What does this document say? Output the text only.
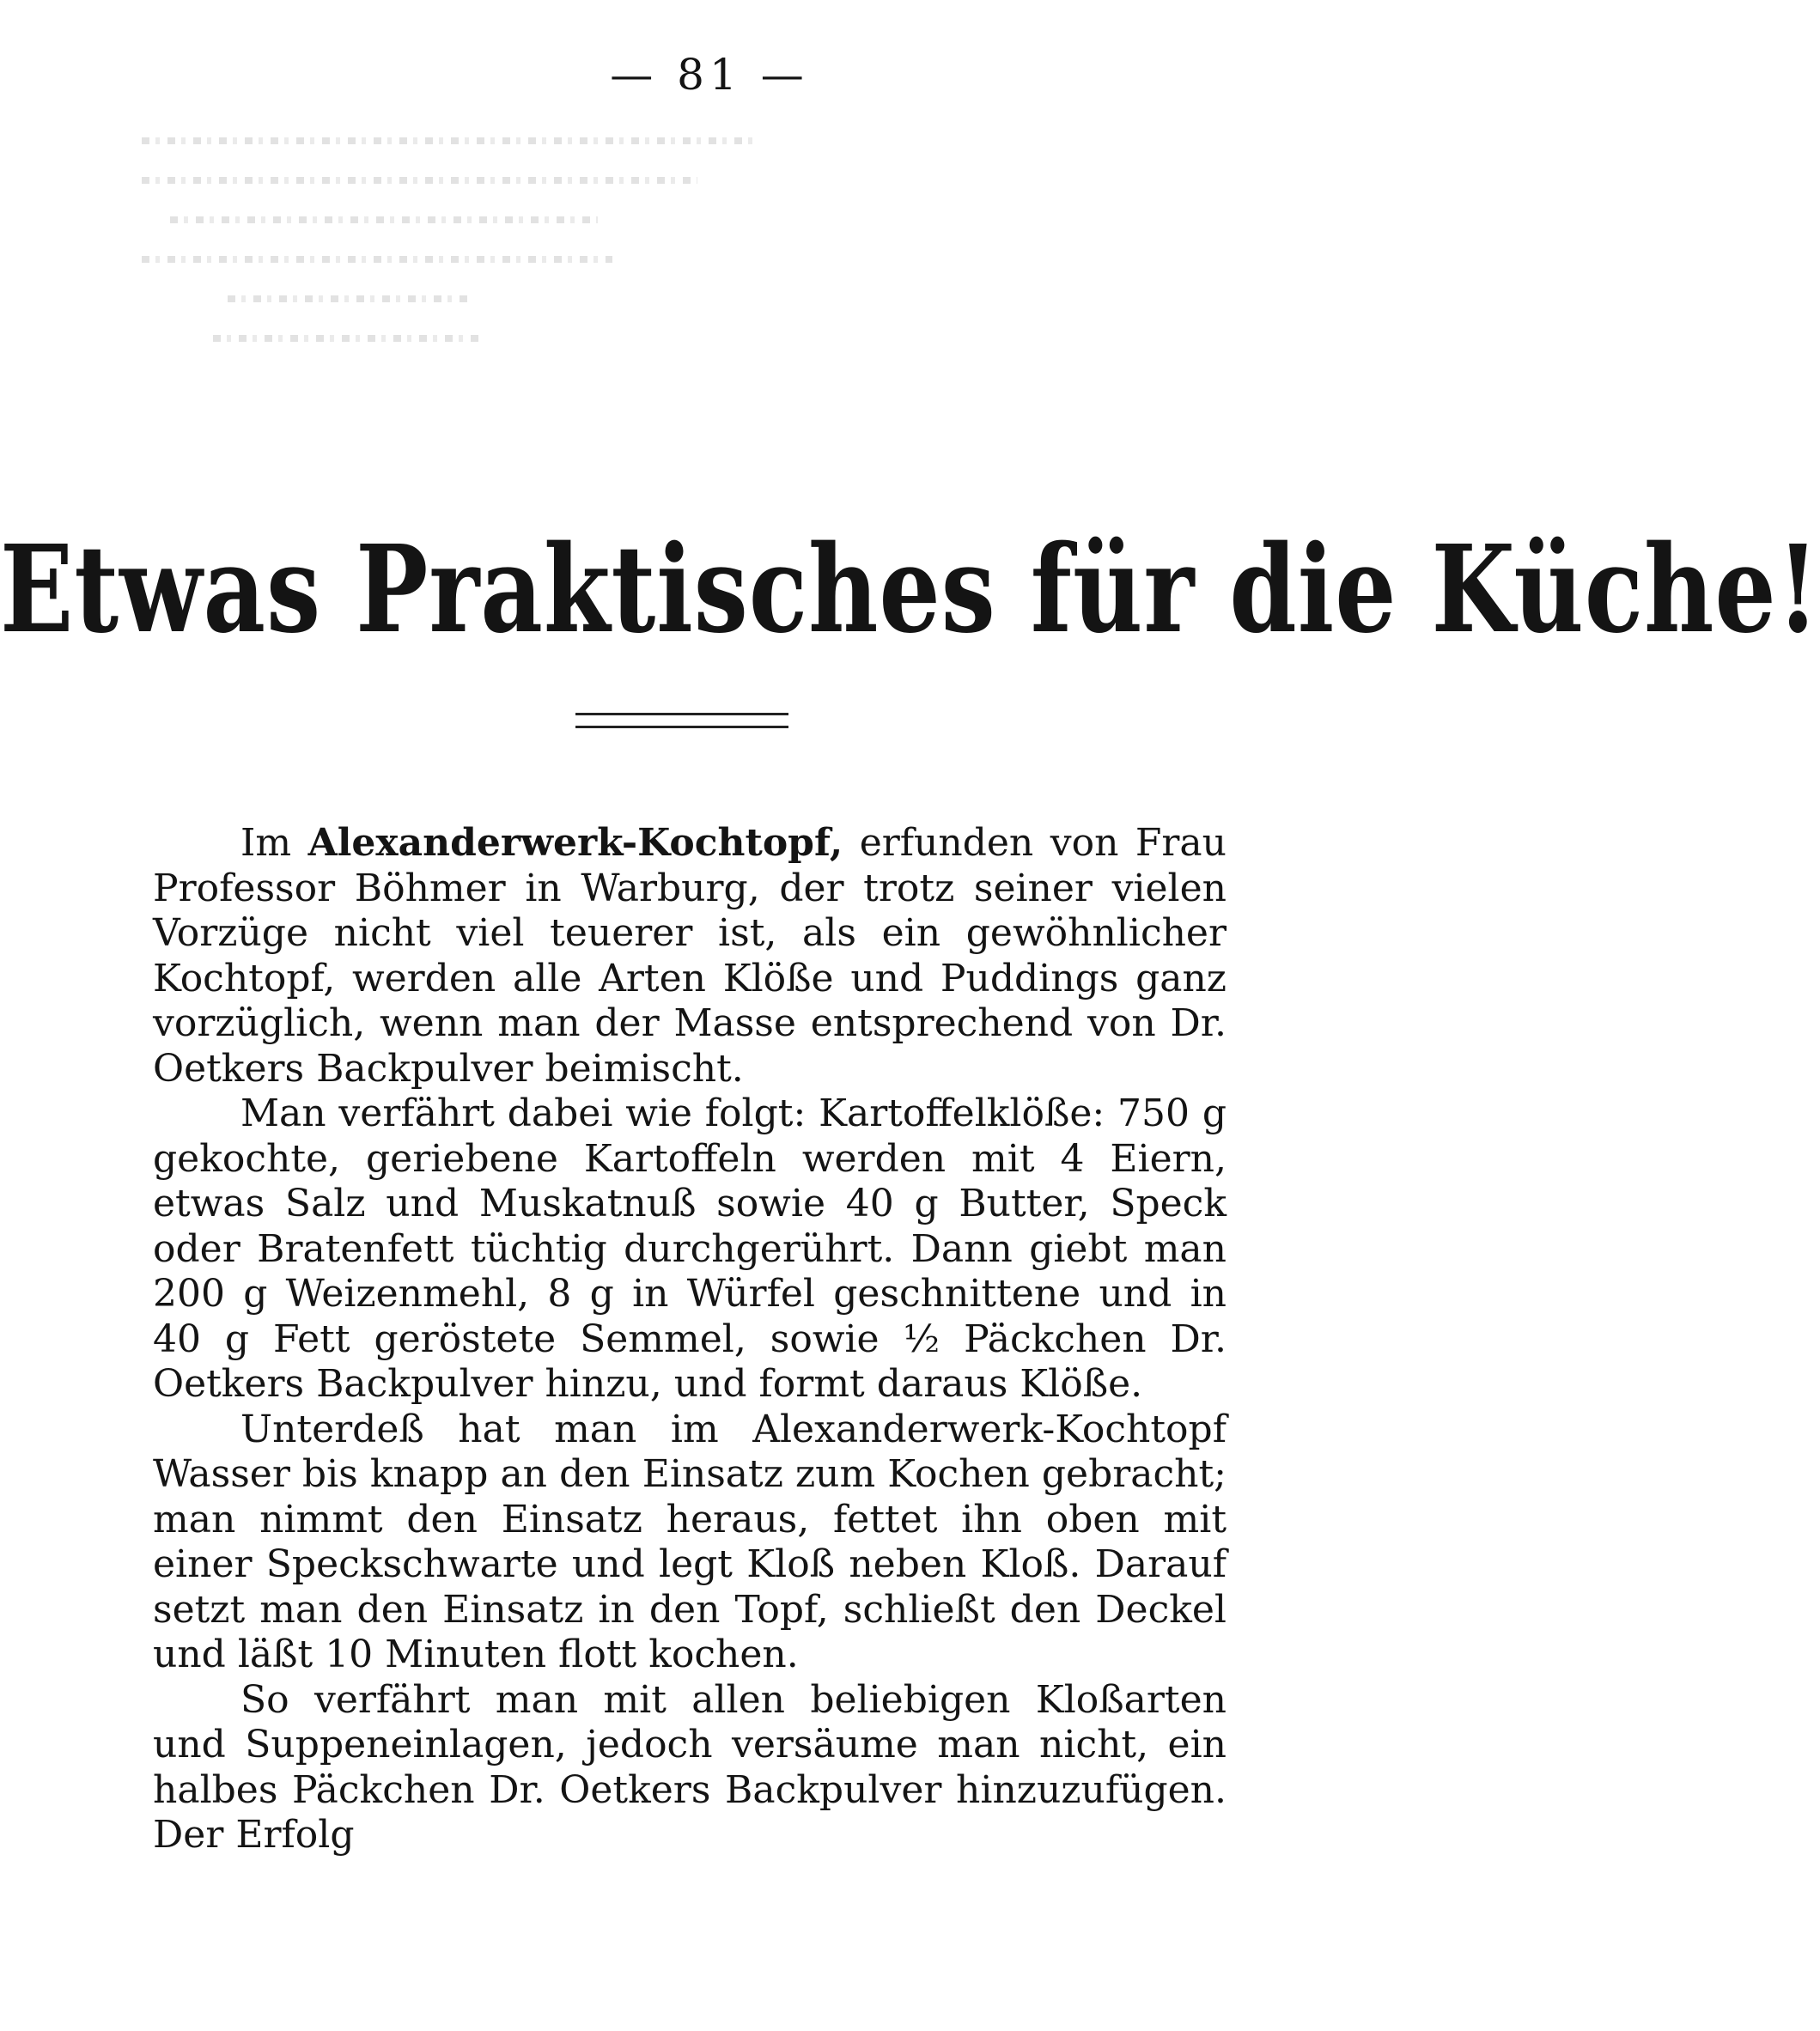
— 81 —
Etwas Praktisches für die Küche!

Im Alexanderwerk-Kochtopf, erfunden von Frau Professor Böhmer in Warburg, der trotz seiner vielen Vorzüge nicht viel teuerer ist, als ein gewöhnlicher Kochtopf, werden alle Arten Klöße und Puddings ganz vorzüglich, wenn man der Masse entsprechend von Dr. Oetkers Backpulver beimischt.

Man verfährt dabei wie folgt: Kartoffelklöße: 750 g gekochte, geriebene Kartoffeln werden mit 4 Eiern, etwas Salz und Muskatnuß sowie 40 g Butter, Speck oder Bratenfett tüchtig durchgerührt. Dann giebt man 200 g Weizenmehl, 8 g in Würfel geschnittene und in 40 g Fett geröstete Semmel, sowie ½ Päckchen Dr. Oetkers Backpulver hinzu, und formt daraus Klöße.

Unterdeß hat man im Alexanderwerk-Kochtopf Wasser bis knapp an den Einsatz zum Kochen gebracht; man nimmt den Einsatz heraus, fettet ihn oben mit einer Speckschwarte und legt Kloß neben Kloß. Darauf setzt man den Einsatz in den Topf, schließt den Deckel und läßt 10 Minuten flott kochen.

So verfährt man mit allen beliebigen Kloßarten und Suppeneinlagen, jedoch versäume man nicht, ein halbes Päckchen Dr. Oetkers Backpulver hinzuzufügen. Der Erfolg
